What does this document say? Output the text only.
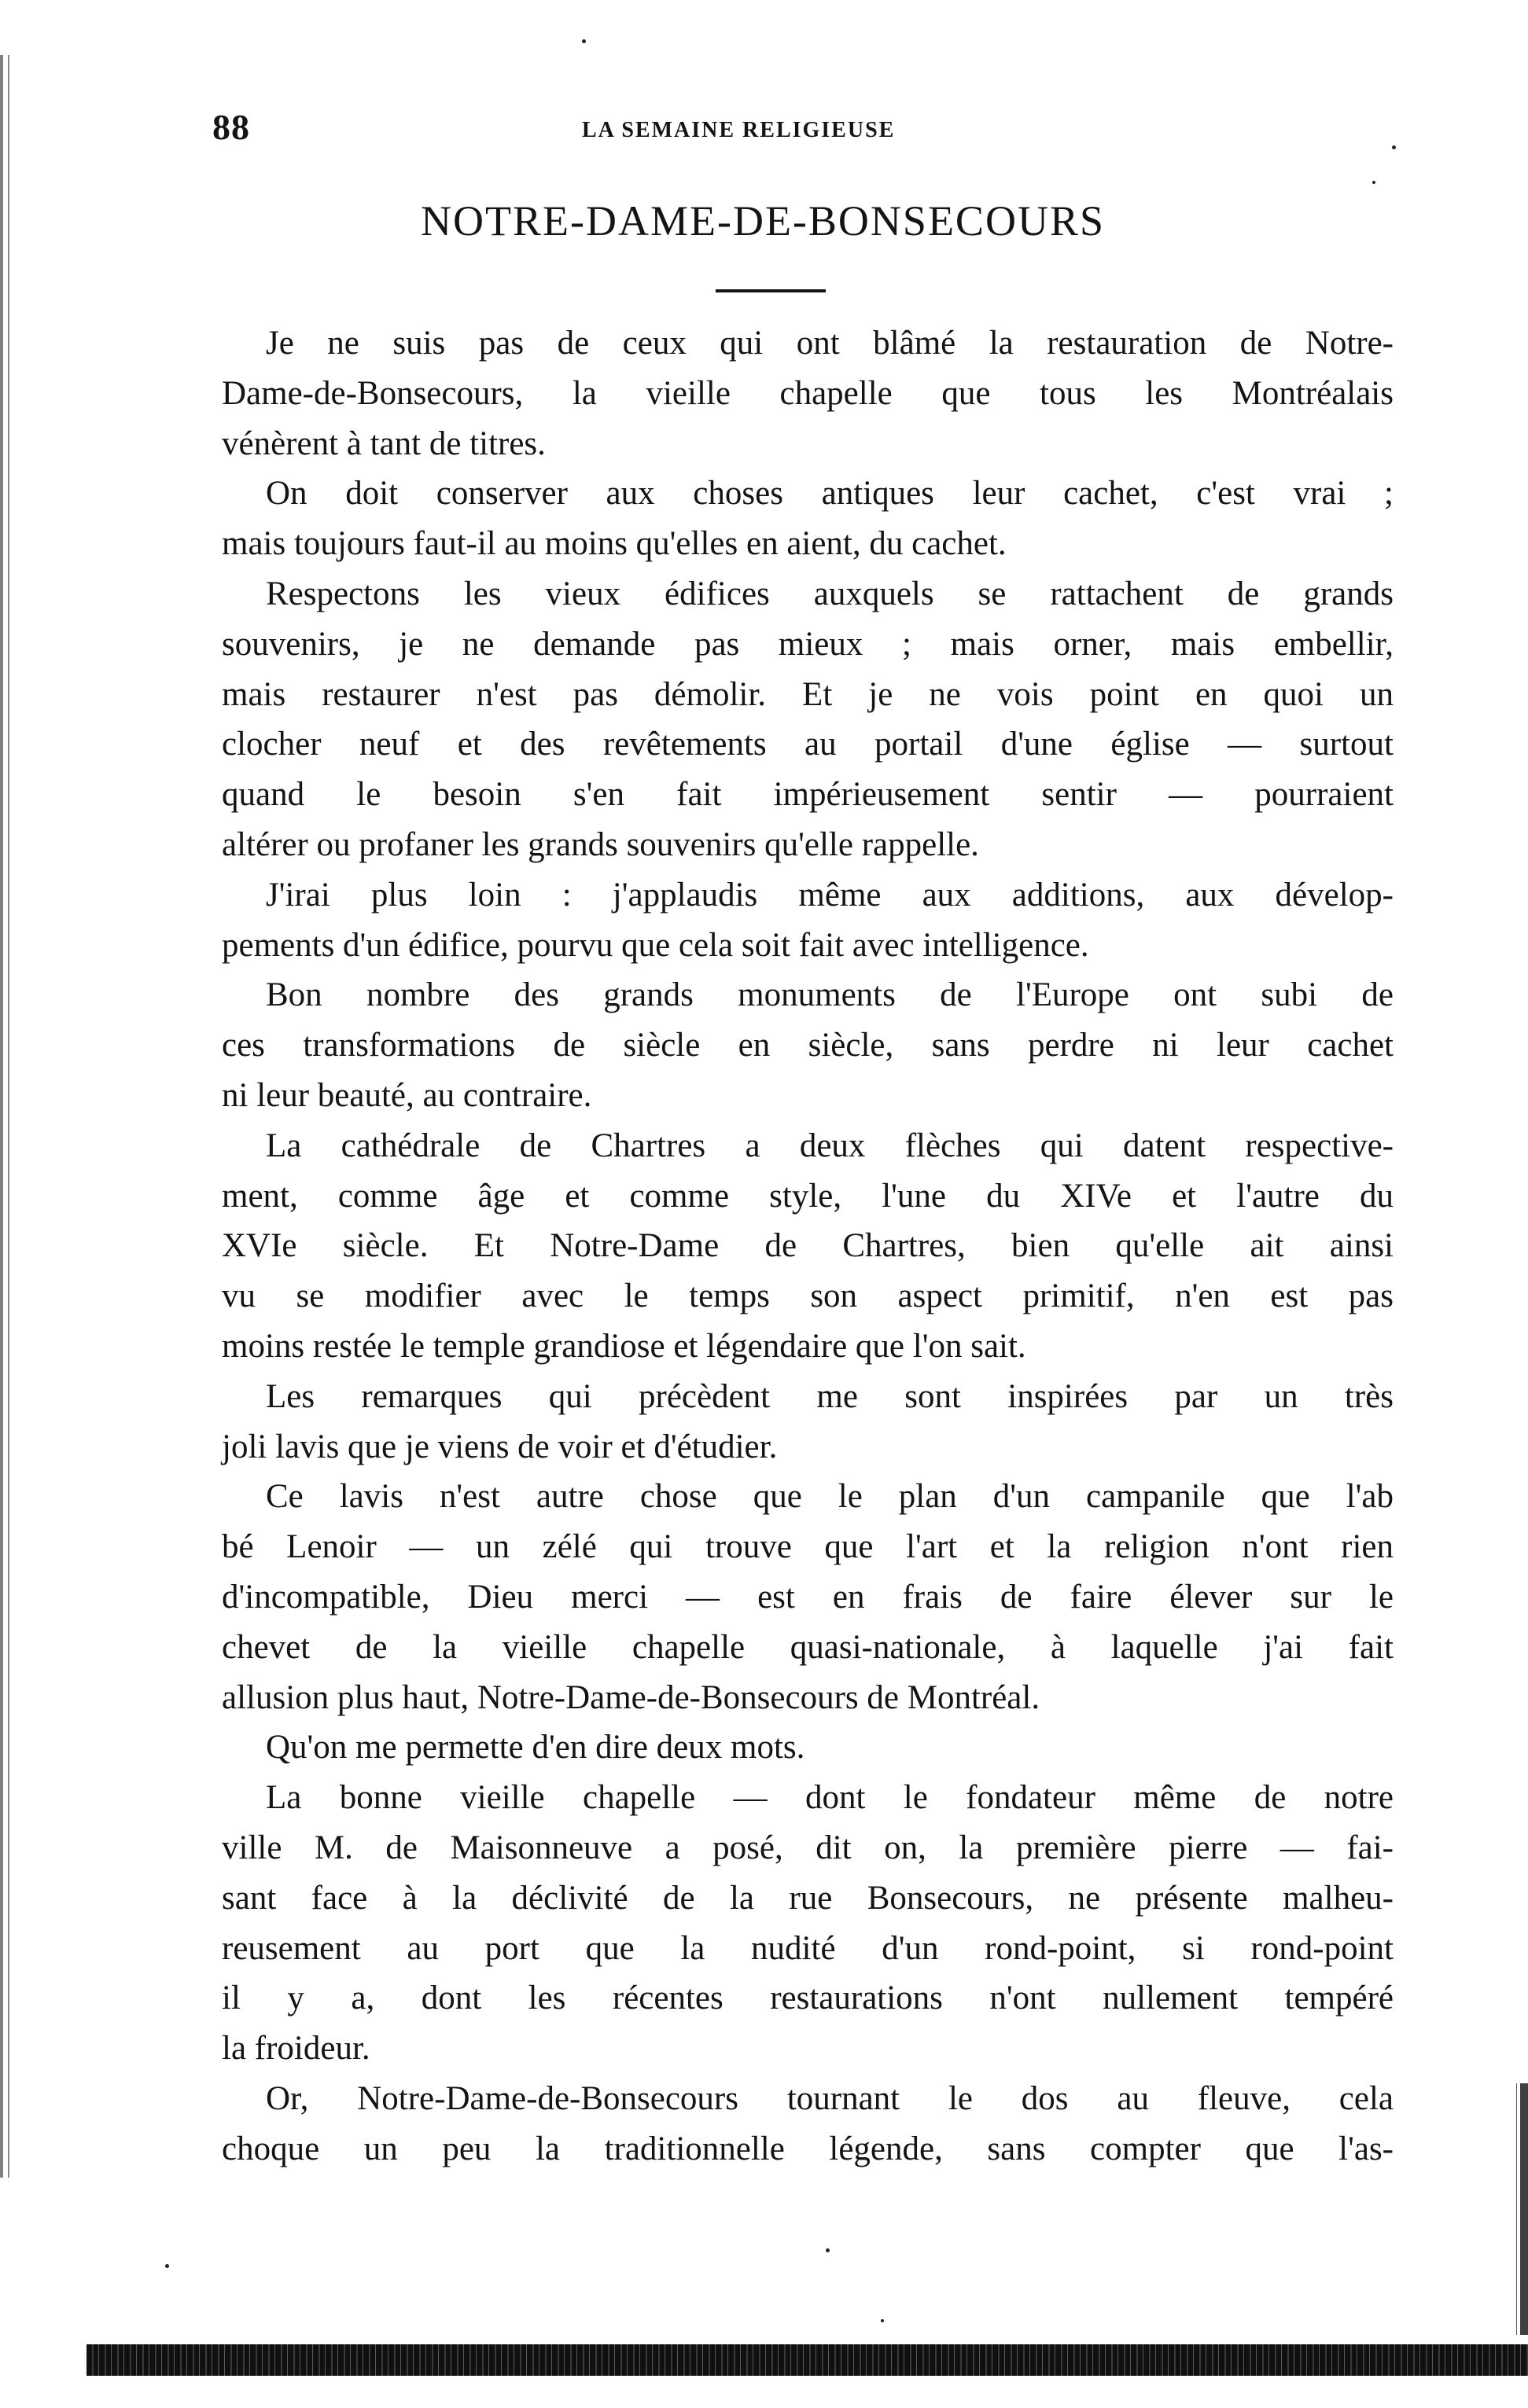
88	LA SEMAINE RELIGIEUSE
NOTRE-DAME-DE-BONSECOURS
Je ne suis pas de ceux qui ont blâmé la restauration de Notre-
Dame-de-Bonsecours, la vieille chapelle que tous les Montréalais
vénèrent à tant de titres.
On doit conserver aux choses antiques leur cachet, c'est vrai ;
mais toujours faut-il au moins qu'elles en aient, du cachet.
Respectons les vieux édifices auxquels se rattachent de grands
souvenirs, je ne demande pas mieux ; mais orner, mais embellir,
mais restaurer n'est pas démolir. Et je ne vois point en quoi un
clocher neuf et des revêtements au portail d'une église — surtout
quand le besoin s'en fait impérieusement sentir — pourraient
altérer ou profaner les grands souvenirs qu'elle rappelle.
J'irai plus loin : j'applaudis même aux additions, aux dévelop-
pements d'un édifice, pourvu que cela soit fait avec intelligence.
Bon nombre des grands monuments de l'Europe ont subi de
ces transformations de siècle en siècle, sans perdre ni leur cachet
ni leur beauté, au contraire.
La cathédrale de Chartres a deux flèches qui datent respective-
ment, comme âge et comme style, l'une du XIVe et l'autre du
XVIe siècle. Et Notre-Dame de Chartres, bien qu'elle ait ainsi
vu se modifier avec le temps son aspect primitif, n'en est pas
moins restée le temple grandiose et légendaire que l'on sait.
Les remarques qui précèdent me sont inspirées par un très
joli lavis que je viens de voir et d'étudier.
Ce lavis n'est autre chose que le plan d'un campanile que l'ab
bé Lenoir — un zélé qui trouve que l'art et la religion n'ont rien
d'incompatible, Dieu merci — est en frais de faire élever sur le
chevet de la vieille chapelle quasi-nationale, à laquelle j'ai fait
allusion plus haut, Notre-Dame-de-Bonsecours de Montréal.
Qu'on me permette d'en dire deux mots.
La bonne vieille chapelle — dont le fondateur même de notre
ville M. de Maisonneuve a posé, dit on, la première pierre — fai-
sant face à la déclivité de la rue Bonsecours, ne présente malheu-
reusement au port que la nudité d'un rond-point, si rond-point
il y a, dont les récentes restaurations n'ont nullement tempéré
la froideur.
Or, Notre-Dame-de-Bonsecours tournant le dos au fleuve, cela
choque un peu la traditionnelle légende, sans compter que l'as-
